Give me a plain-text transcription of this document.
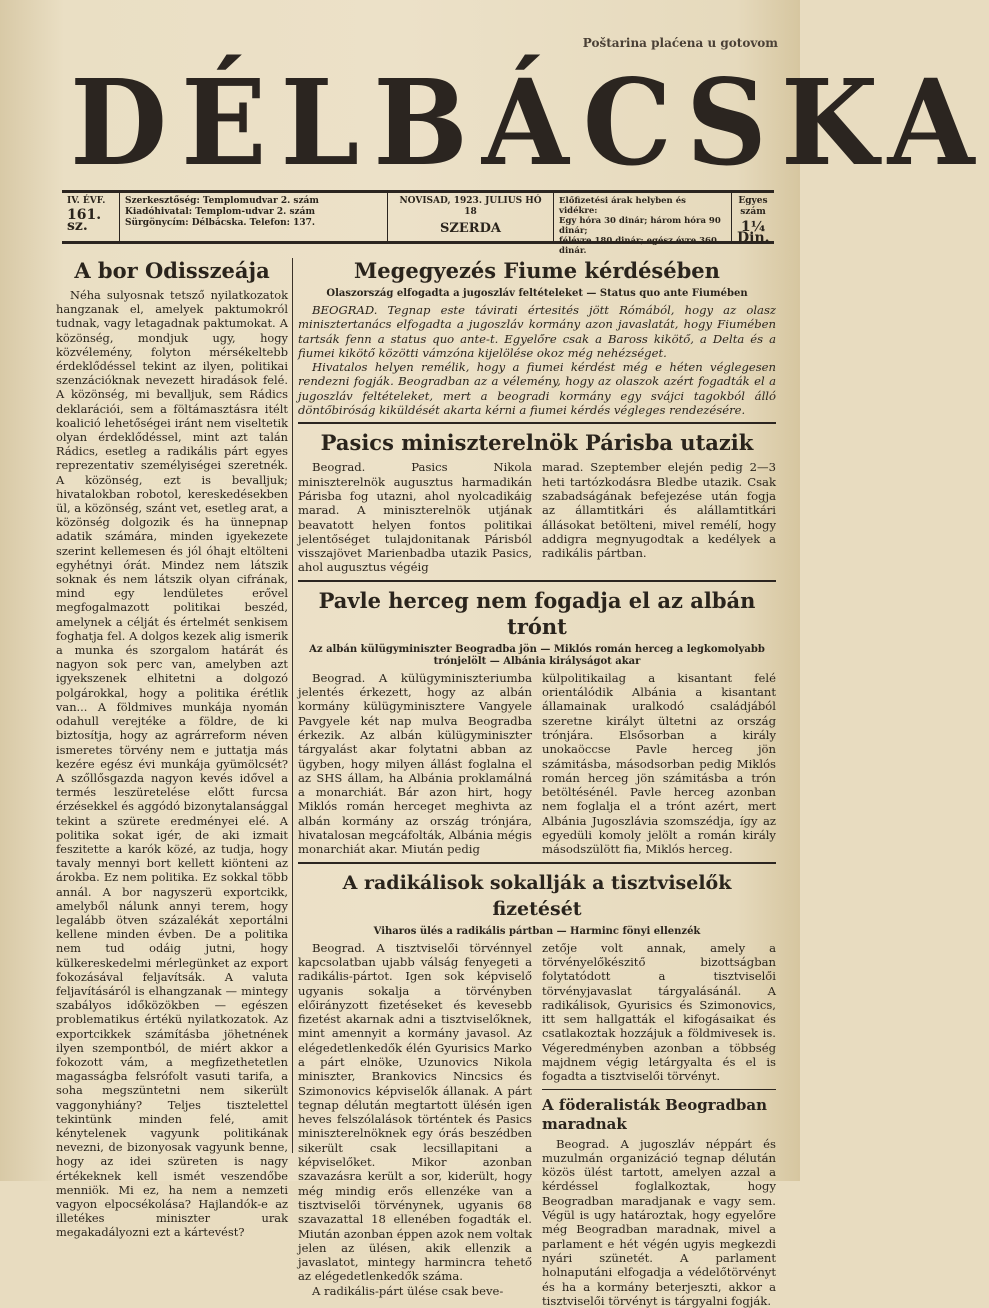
Poštarina plaćena u gotovom
DÉLBÁCSKA
IV. ÉVF.
161. sz.
Szerkesztőség: Templomudvar 2. szám
Kiadóhivatal: Templom-udvar 2. szám
Sürgönycím: Délbácska. Telefon: 137.
NOVISAD, 1923. JULIUS HÓ 18
SZERDA
Előfizetési árak helyben és vidékre:
Egy hóra 30 dinár; három hóra 90 dinár;
félévre 180 dinár; egész évre 360 dinár.
Egyes szám
1¼ Din.
A bor Odisszeája

Néha sulyosnak tetsző nyilatkozatok hangzanak el, amelyek paktumokról tudnak, vagy letagadnak paktumokat. A közönség, mondjuk ugy, hogy közvélemény, folyton mérsékeltebb érdeklődéssel tekint az ilyen, politikai szenzációknak nevezett hiradások felé. A közönség, mi bevalljuk, sem Rádics deklarációi, sem a föltámasztásra itélt koalició lehetőségei iránt nem viseltetik olyan érdeklődéssel, mint azt talán Rádics, esetleg a radikális párt egyes reprezentativ személyiségei szeretnék. A közönség, ezt is bevalljuk; hivatalokban robotol, kereskedésekben ül, a közönség, szánt vet, esetleg arat, a közönség dolgozik és ha ünnepnap adatik számára, minden igyekezete szerint kellemesen és jól óhajt eltölteni egyhétnyi órát. Mindez nem látszik soknak és nem látszik olyan cifrának, mind egy lendületes erővel megfogalmazott politikai beszéd, amelynek a célját és értelmét senkisem foghatja fel. A dolgos kezek alig ismerik a munka és szorgalom határát és nagyon sok perc van, amelyben azt igyekszenek elhitetni a dolgozó polgárokkal, hogy a politika érétlik van... A földmives munkája nyomán odahull verejtéke a földre, de ki biztosítja, hogy az agrárreform néven ismeretes törvény nem e juttatja más kezére egész évi munkája gyümölcsét? A szőllősgazda nagyon kevés idővel a termés leszüretelése előtt furcsa érzésekkel és aggódó bizonytalansággal tekint a szürete eredményei elé. A politika sokat igér, de aki izmait feszitette a karók közé, az tudja, hogy tavaly mennyi bort kellett kiönteni az árokba. Ez nem politika. Ez sokkal több annál. A bor nagyszerü exportcikk, amelyből nálunk annyi terem, hogy legalább ötven százalékát xeportálni kellene minden évben. De a politika nem tud odáig jutni, hogy külkereskedelmi mérlegünket az export fokozásával feljavítsák. A valuta feljavításáról is elhangzanak — mintegy szabályos időközökben — egészen problematikus értékü nyilatkozatok. Az exportcikkek számításba jöhetnének ilyen szempontból, de miért akkor a fokozott vám, a megfizethetetlen magasságba felsrófolt vasuti tarifa, a soha megszüntetni nem sikerült vaggonyhiány? Teljes tisztelettel tekintünk minden felé, amit kénytelenek vagyunk politikának nevezni, de bizonyosak vagyunk benne, hogy az idei szüreten is nagy értékeknek kell ismét veszendőbe menniök. Mi ez, ha nem a nemzeti vagyon elpocsékolása? Hajlandók-e az illetékes miniszter urak megakadályozni ezt a kártevést?

Megegyezés Fiume kérdésében
Olaszország elfogadta a jugoszláv feltételeket — Status quo ante Fiumében

BEOGRAD. Tegnap este távirati értesités jött Rómából, hogy az olasz minisztertanács elfogadta a jugoszláv kormány azon javaslatát, hogy Fiumében tartsák fenn a status quo ante-t. Egyelőre csak a Baross kikötő, a Delta és a fiumei kikötő közötti vámzóna kijelölése okoz még nehézséget.

Hivatalos helyen remélik, hogy a fiumei kérdést még e héten véglegesen rendezni fogják. Beogradban az a vélemény, hogy az olaszok azért fogadták el a jugoszláv feltételeket, mert a beogradi kormány egy svájci tagokból álló döntőbiróság kiküldését akarta kérni a fiumei kérdés végleges rendezésére.

Pasics miniszterelnök Párisba utazik

Beograd. Pasics Nikola miniszterelnök augusztus harmadikán Párisba fog utazni, ahol nyolcadikáig marad. A miniszterelnök utjának beavatott helyen fontos politikai jelentőséget tulajdonitanak Párisból visszajövet Marienbadba utazik Pasics, ahol augusztus végéig

marad. Szeptember elején pedig 2—3 heti tartózkodásra Bledbe utazik. Csak szabadságának befejezése után fogja az államtitkári és alállamtitkári állásokat betölteni, mivel remélí, hogy addigra megnyugodtak a kedélyek a radikális pártban.

Pavle herceg nem fogadja el az albán trónt
Az albán külügyminiszter Beogradba jön — Miklós román herceg a legkomolyabb trónjelölt — Albánia királyságot akar

Beograd. A külügyminiszteriumba jelentés érkezett, hogy az albán kormány külügyminisztere Vangyele Pavgyele két nap mulva Beogradba érkezik. Az albán külügyminiszter tárgyalást akar folytatni abban az ügyben, hogy milyen állást foglalna el az SHS állam, ha Albánia proklamálná a monarchiát. Bár azon hirt, hogy Miklós román herceget meghivta az albán kormány az ország trónjára, hivatalosan megcáfolták, Albánia mégis monarchiát akar. Miután pedig

külpolitikailag a kisantant felé orientálódik Albánia a kisantant államainak uralkodó családjából szeretne királyt ültetni az ország trónjára. Elsősorban a király unokaöccse Pavle herceg jön számitásba, másodsorban pedig Miklós román herceg jön számitásba a trón betöltésénél. Pavle herceg azonban nem foglalja el a trónt azért, mert Albánia Jugoszlávia szomszédja, így az egyedüli komoly jelölt a román király másodszülött fia, Miklós herceg.

A radikálisok sokallják a tisztviselők fizetését
Viharos ülés a radikális pártban — Harminc fönyi ellenzék

Beograd. A tisztviselői törvénnyel kapcsolatban ujabb válság fenyegeti a radikális-pártot. Igen sok képviselő ugyanis sokalja a törvényben előirányzott fizetéseket és kevesebb fizetést akarnak adni a tisztviselőknek, mint amennyit a kormány javasol. Az elégedetlenkedők élén Gyurisics Marko a párt elnöke, Uzunovics Nikola miniszter, Brankovics Nincsics és Szimonovics képviselők állanak. A párt tegnap délután megtartott ülésén igen heves felszólalások történtek és Pasics miniszterelnöknek egy órás beszédben sikerült csak lecsillapitani a képviselőket. Mikor azonban szavazásra került a sor, kiderült, hogy még mindig erős ellenzéke van a tisztviselői törvénynek, ugyanis 68 szavazattal 18 ellenében fogadták el. Miután azonban éppen azok nem voltak jelen az ülésen, akik ellenzik a javaslatot, mintegy harmincra tehető az elégedetlenkedők száma.

A radikális-párt ülése csak beve-

zetője volt annak, amely a törvényelőkészitő bizottságban folytatódott a tisztviselői törvényjavaslat tárgyalásánál. A radikálisok, Gyurisics és Szimonovics, itt sem hallgatták el kifogásaikat és csatlakoztak hozzájuk a földmivesek is. Végeredményben azonban a többség majdnem végig letárgyalta és el is fogadta a tisztviselői törvényt.

A föderalisták Beogradban maradnak

Beograd. A jugoszláv néppárt és muzulmán organizáció tegnap délután közös ülést tartott, amelyen azzal a kérdéssel foglalkoztak, hogy Beogradban maradjanak e vagy sem. Végül is ugy határoztak, hogy egyelőre még Beogradban maradnak, mivel a parlament e hét végén ugyis megkezdi nyári szünetét. A parlament holnaputáni elfogadja a védelőtörvényt és ha a kormány beterjeszti, akkor a tisztviselői törvényt is tárgyalni fogják.
